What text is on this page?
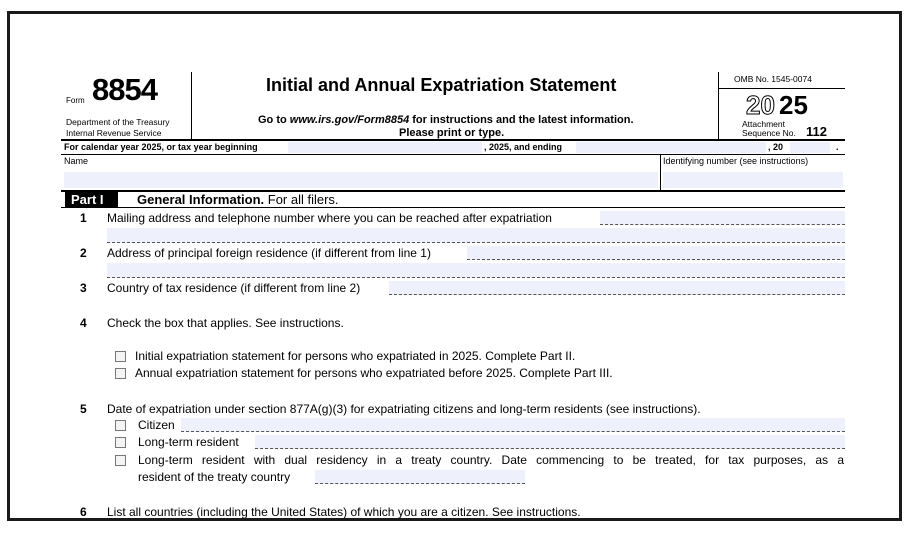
Form 8854
Department of the Treasury
Internal Revenue Service
Initial and Annual Expatriation Statement
Go to www.irs.gov/Form8854 for instructions and the latest information.
Please print or type.
OMB No. 1545-0074
20 25
Attachment
Sequence No. 112
For calendar year 2025, or tax year beginning	, 2025, and ending	, 20	.
Name	Identifying number (see instructions)
Part I	General Information. For all filers.
1 Mailing address and telephone number where you can be reached after expatriation
2 Address of principal foreign residence (if different from line 1)
3 Country of tax residence (if different from line 2)
4 Check the box that applies. See instructions.
Initial expatriation statement for persons who expatriated in 2025. Complete Part II.
Annual expatriation statement for persons who expatriated before 2025. Complete Part III.
5 Date of expatriation under section 877A(g)(3) for expatriating citizens and long-term residents (see instructions).
Citizen
Long-term resident
Long-term resident with dual residency in a treaty country. Date commencing to be treated, for tax purposes, as a
resident of the treaty country
6 List all countries (including the United States) of which you are a citizen. See instructions.
